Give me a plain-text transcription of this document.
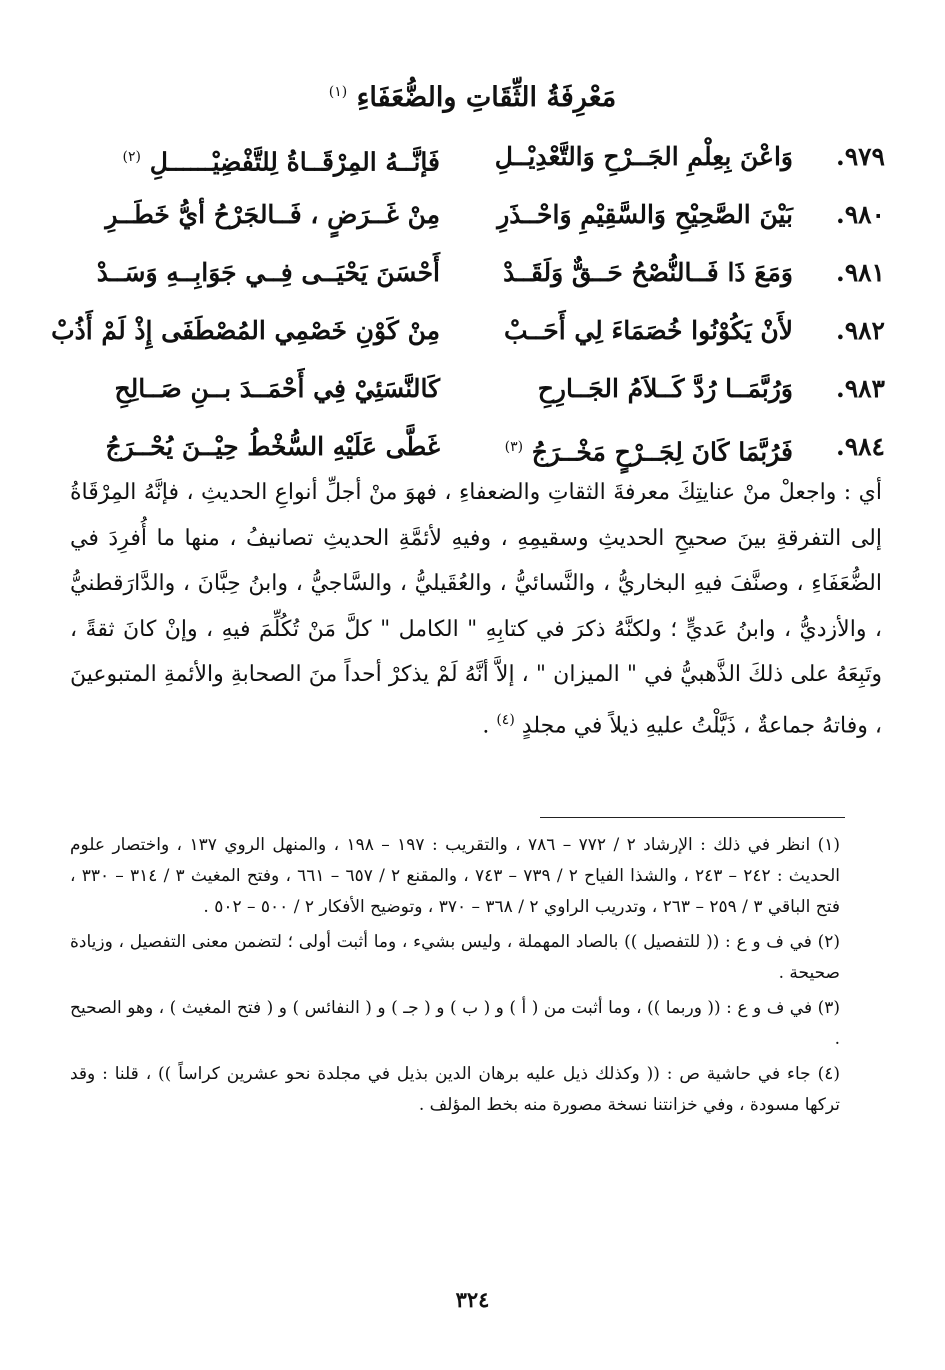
مَعْرِفَةُ الثِّقَاتِ والضُّعَفَاءِ $^{(١)}$
٩٧٩.
وَاعْنَ بِعِلْمِ الجَــرْحِ وَالتَّعْدِيْــلِ
فَإنَّــهُ المِرْقَــاةُ لِلتَّفْضِيْــــــلِ $^{(٢)}$
٩٨٠.
بَيْنَ الصَّحِيْحِ وَالسَّقِيْمِ وَاحْــذَرِ
مِنْ غَــرَضٍ ، فَــالجَرْحُ أيُّ خَطَــرِ
٩٨١.
وَمَعَ ذَا فَــالنُّصْحُ حَــقٌّ وَلَقَــدْ
أَحْسَنَ يَحْيَــى فِــي جَوَابِــهِ وَسَــدْ
٩٨٢.
لأَنْ يَكُوْنُوا خُصَمَاءَ لِي أَحَــبْ
مِنْ كَوْنِ خَصْمِي المُصْطَفَى إِذْ لَمْ أَذُبْ
٩٨٣.
وَرُبَّمَــا رُدَّ كَــلاَمُ الجَــارِحِ
كَالنَّسَئِيْ فِي أَحْمَــدَ بــنِ صَــالِحِ
٩٨٤.
فَرُبَّمَا كَانَ لِجَــرْحٍ مَخْــرَجُ $^{(٣)}$
غَطَّى عَلَيْهِ السُّخْطُ حِيْــنَ يُحْــرَجُ

أي : واجعلْ منْ عنايتِكَ معرفةَ الثقاتِ والضعفاءِ ، فهوَ منْ أجلِّ أنواعِ الحديثِ ، فإنَّهُ المِرْقَاةُ إلى التفرقةِ بينَ صحيحِ الحديثِ وسقيمِهِ ، وفيهِ لأئمَّةِ الحديثِ تصانيفُ ، منها ما أُفرِدَ في الضُّعَفَاءِ ، وصنَّفَ فيهِ البخاريُّ ، والنَّسائيُّ ، والعُقَيليُّ ، والسَّاجيُّ ، وابنُ حِبَّانَ ، والدَّارَقطنيُّ ، والأزديُّ ، وابنُ عَديٍّ ؛ ولكنَّهُ ذكرَ في كتابِهِ " الكامل " كلَّ مَنْ تُكُلِّمَ فيهِ ، وإنْ كانَ ثقةً ، وتَبِعَهُ على ذلكَ الذَّهبيُّ في " الميزان " ، إلاَّ أنَّهُ لَمْ يذكرْ أحداً منَ الصحابةِ والأئمةِ المتبوعينَ ، وفاتهُ جماعةٌ ، ذَيَّلْتُ عليهِ ذيلاً في مجلدٍ $^{(٤)}$ .

(١) انظر في ذلك : الإرشاد ٢ / ٧٧٢ – ٧٨٦ ، والتقريب : ١٩٧ – ١٩٨ ، والمنهل الروي ١٣٧ ، واختصار علوم الحديث : ٢٤٢ – ٢٤٣ ، والشذا الفياح ٢ / ٧٣٩ – ٧٤٣ ، والمقنع ٢ / ٦٥٧ – ٦٦١ ، وفتح المغيث ٣ / ٣١٤ – ٣٣٠ ، فتح الباقي ٣ / ٢٥٩ – ٢٦٣ ، وتدريب الراوي ٢ / ٣٦٨ – ٣٧٠ ، وتوضيح الأفكار ٢ / ٥٠٠ – ٥٠٢ .

(٢) في ف و ع : (( للتفصيل )) بالصاد المهملة ، وليس بشيء ، وما أثبت أولى ؛ لتضمن معنى التفصيل ، وزيادة صحيحة .

(٣) في ف و ع : (( وربما )) ، وما أثبت من ( أ ) و ( ب ) و ( جـ ) و ( النفائس ) و ( فتح المغيث ) ، وهو الصحيح .

(٤) جاء في حاشية ص : (( وكذلك ذيل عليه برهان الدين بذيل في مجلدة نحو عشرين كراساً )) ، قلنا : وقد تركها مسودة ، وفي خزانتنا نسخة مصورة منه بخط المؤلف .

٣٢٤
